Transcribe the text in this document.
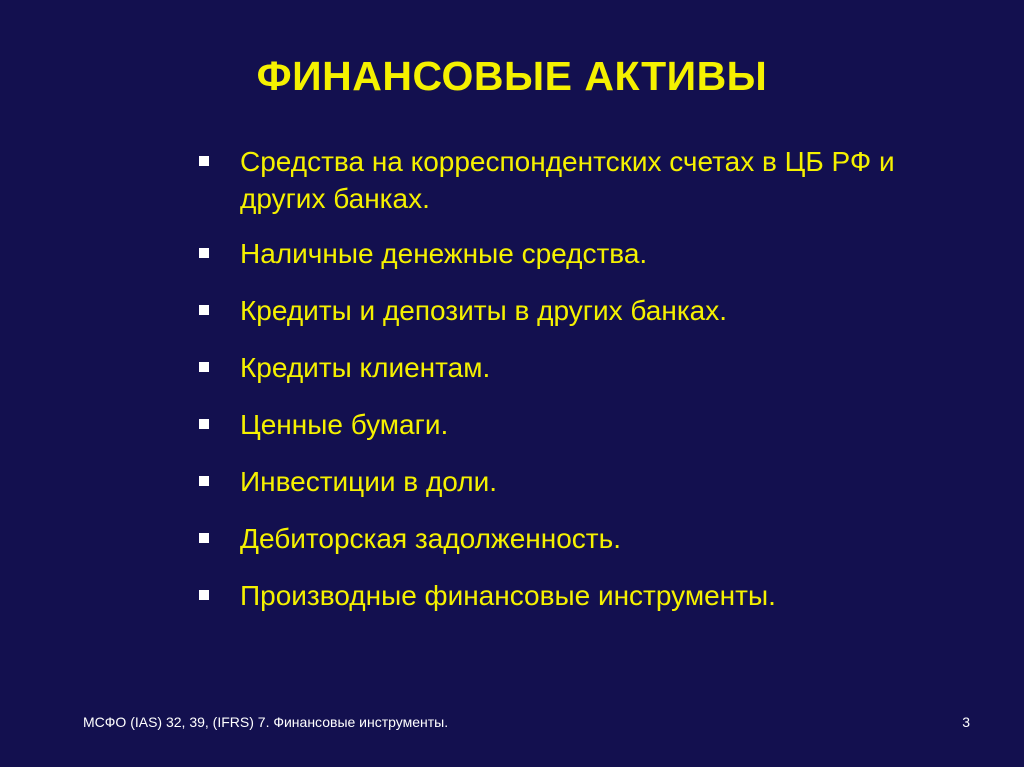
ФИНАНСОВЫЕ АКТИВЫ
Средства на корреспондентских счетах в ЦБ РФ и других банках.
Наличные денежные средства.
Кредиты и депозиты в других банках.
Кредиты клиентам.
Ценные бумаги.
Инвестиции в доли.
Дебиторская задолженность.
Производные финансовые инструменты.
МСФО (IAS) 32, 39, (IFRS) 7. Финансовые инструменты.	3
